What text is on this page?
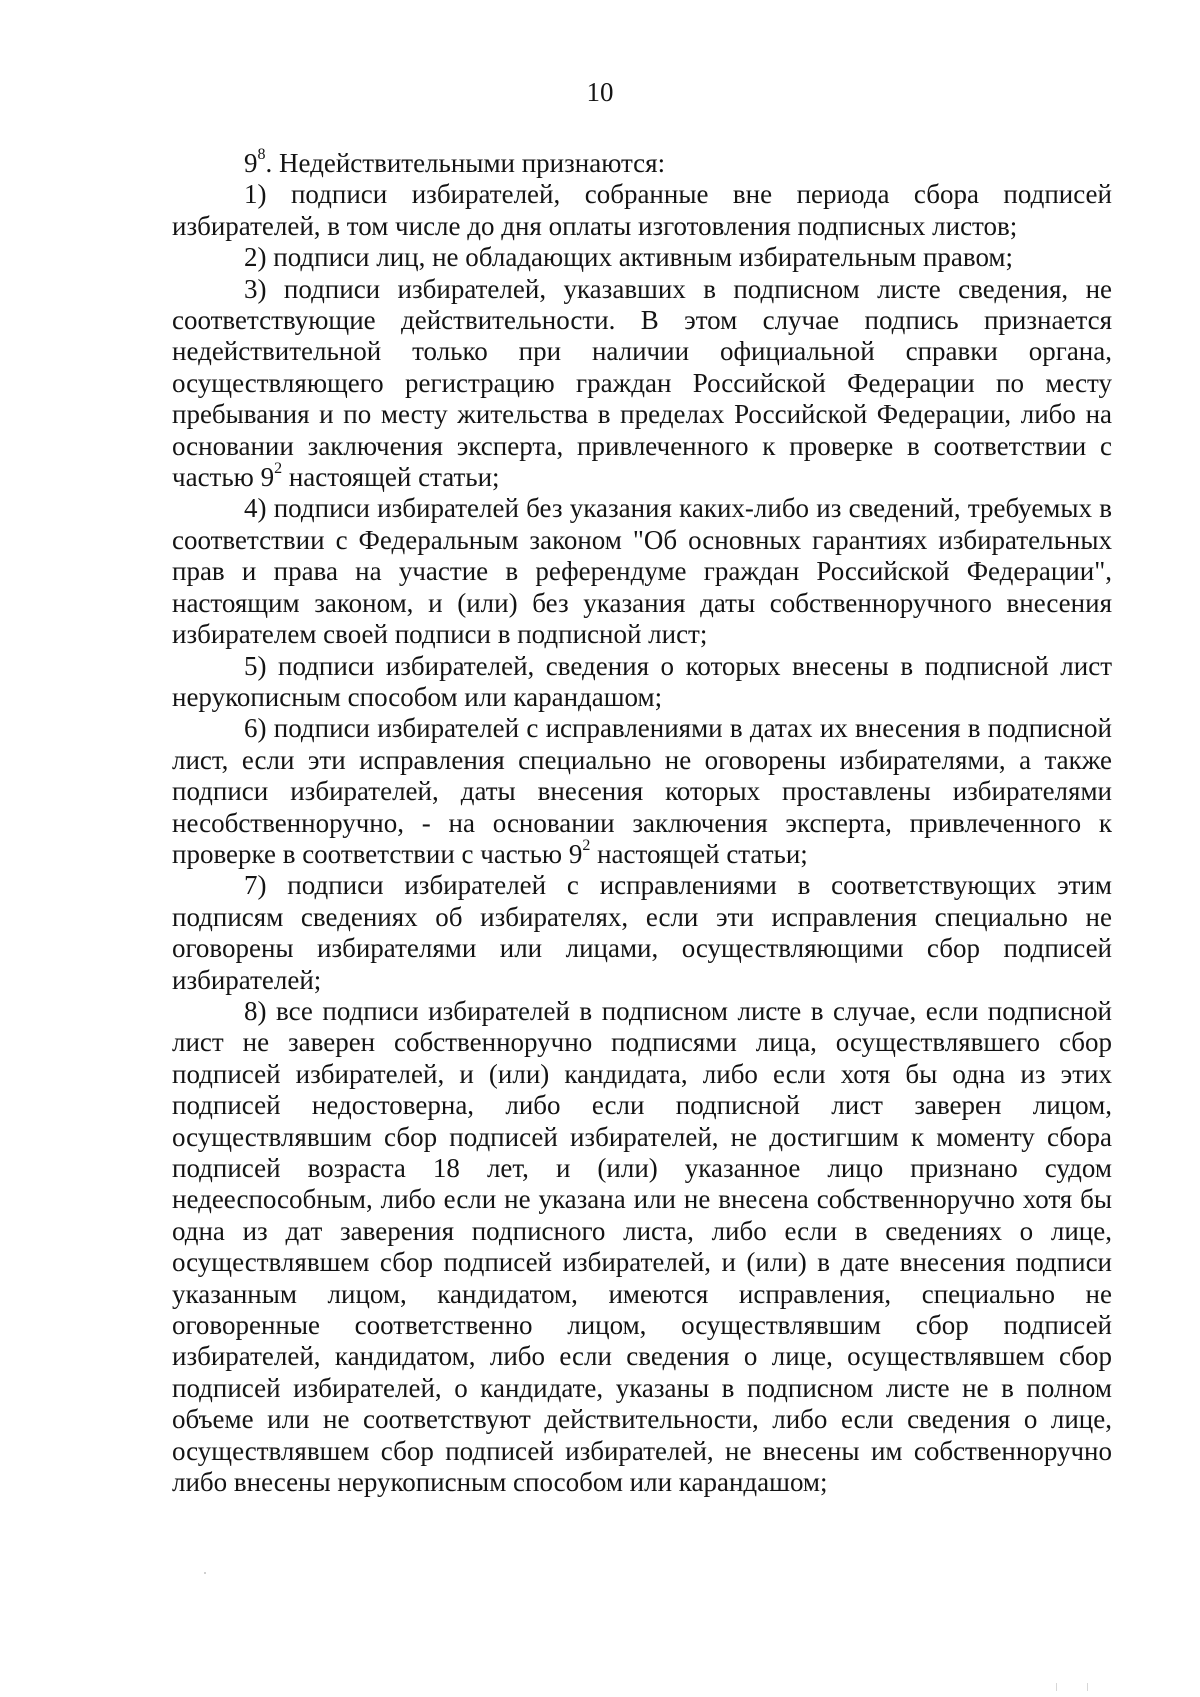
10

$9^8$. Недействительными признаются:

1) подписи избирателей, собранные вне периода сбора подписей избирателей, в том числе до дня оплаты изготовления подписных листов;

2) подписи лиц, не обладающих активным избирательным правом;

3) подписи избирателей, указавших в подписном листе сведения, не соответствующие действительности. В этом случае подпись признается недействительной только при наличии официальной справки органа, осуществляющего регистрацию граждан Российской Федерации по месту пребывания и по месту жительства в пределах Российской Федерации, либо на основании заключения эксперта, привлеченного к проверке в соответствии с частью $9^2$ настоящей статьи;

4) подписи избирателей без указания каких-либо из сведений, требуемых в соответствии с Федеральным законом "Об основных гарантиях избирательных прав и права на участие в референдуме граждан Российской Федерации", настоящим законом, и (или) без указания даты собственноручного внесения избирателем своей подписи в подписной лист;

5) подписи избирателей, сведения о которых внесены в подписной лист нерукописным способом или карандашом;

6) подписи избирателей с исправлениями в датах их внесения в подписной лист, если эти исправления специально не оговорены избирателями, а также подписи избирателей, даты внесения которых проставлены избирателями несобственноручно, - на основании заключения эксперта, привлеченного к проверке в соответствии с частью $9^2$ настоящей статьи;

7) подписи избирателей с исправлениями в соответствующих этим подписям сведениях об избирателях, если эти исправления специально не оговорены избирателями или лицами, осуществляющими сбор подписей избирателей;

8) все подписи избирателей в подписном листе в случае, если подписной лист не заверен собственноручно подписями лица, осуществлявшего сбор подписей избирателей, и (или) кандидата, либо если хотя бы одна из этих подписей недостоверна, либо если подписной лист заверен лицом, осуществлявшим сбор подписей избирателей, не достигшим к моменту сбора подписей возраста 18 лет, и (или) указанное лицо признано судом недееспособным, либо если не указана или не внесена собственноручно хотя бы одна из дат заверения подписного листа, либо если в сведениях о лице, осуществлявшем сбор подписей избирателей, и (или) в дате внесения подписи указанным лицом, кандидатом, имеются исправления, специально не оговоренные соответственно лицом, осуществлявшим сбор подписей избирателей, кандидатом, либо если сведения о лице, осуществлявшем сбор подписей избирателей, о кандидате, указаны в подписном листе не в полном объеме или не соответствуют действительности, либо если сведения о лице, осуществлявшем сбор подписей избирателей, не внесены им собственноручно либо внесены нерукописным способом или карандашом;
